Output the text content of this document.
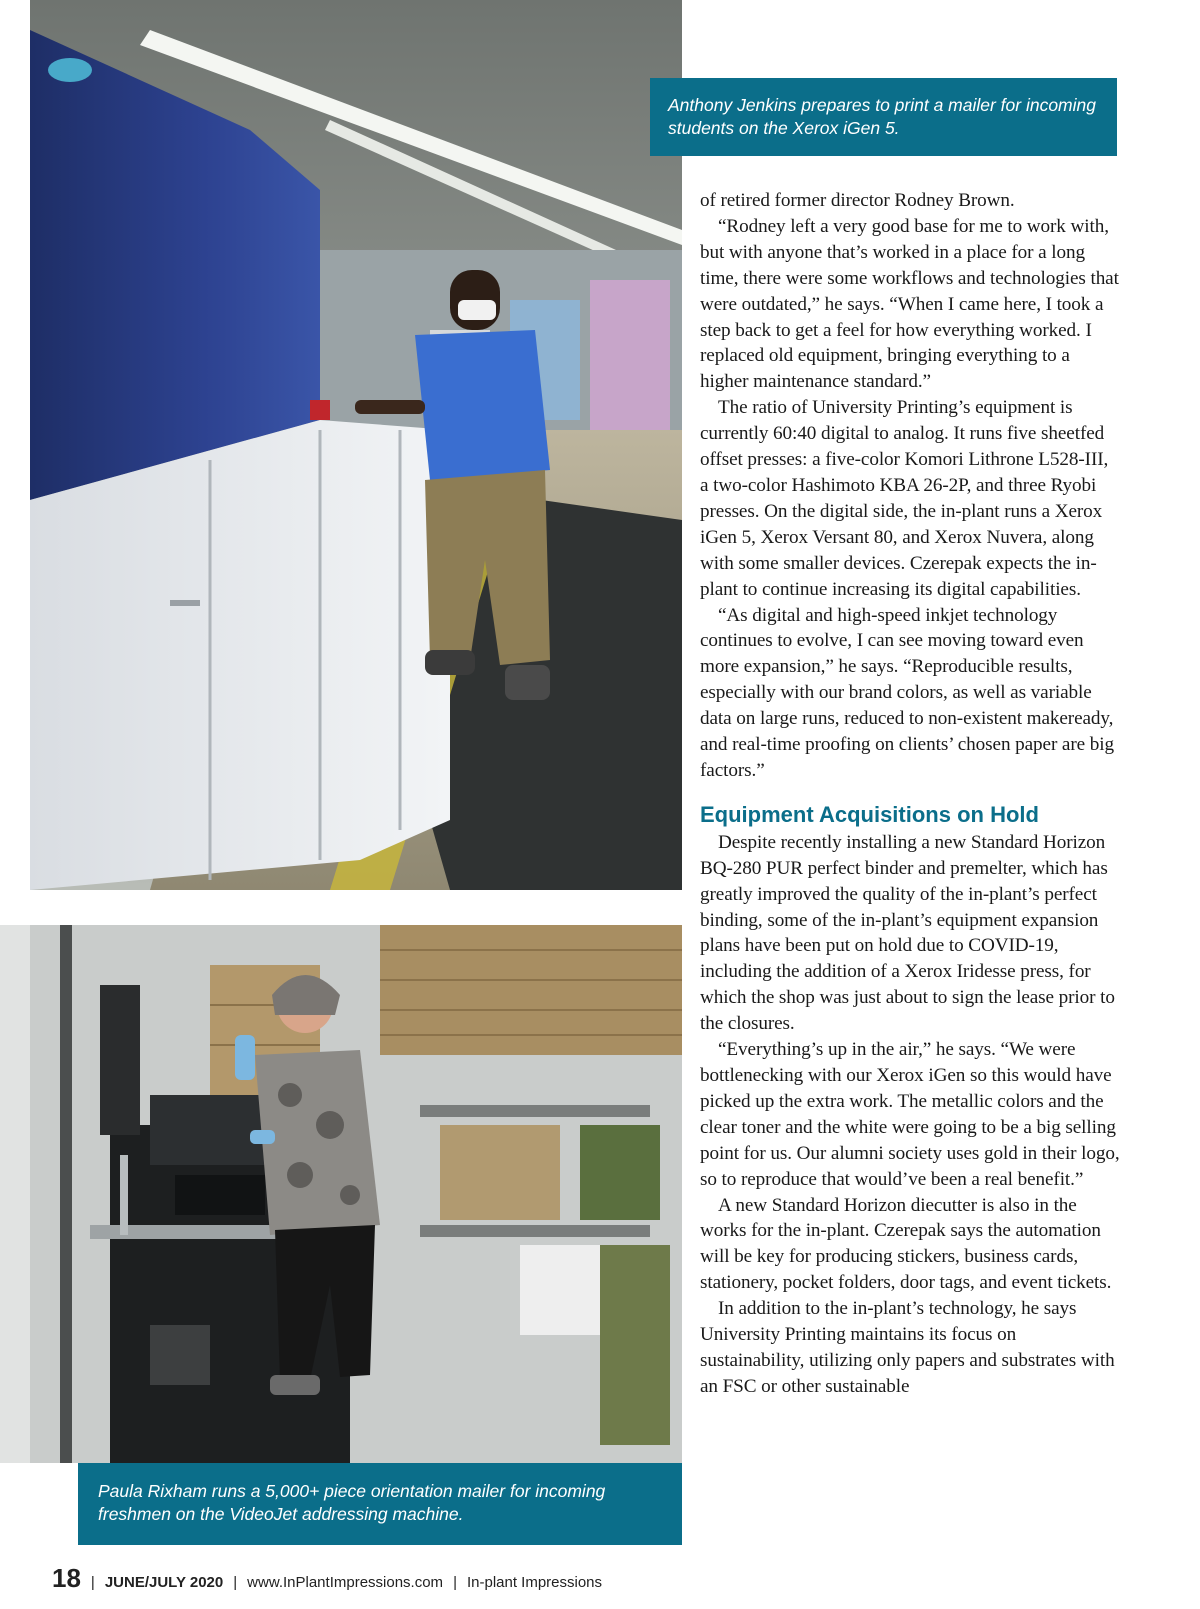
Anthony Jenkins prepares to print a mailer for incoming students on the Xerox iGen 5.
Paula Rixham runs a 5,000+ piece orientation mailer for incoming freshmen on the VideoJet addressing machine.

of retired former director Rodney Brown.

“Rodney left a very good base for me to work with, but with anyone that’s worked in a place for a long time, there were some workflows and technologies that were outdated,” he says. “When I came here, I took a step back to get a feel for how everything worked. I replaced old equipment, bringing everything to a higher maintenance standard.”

The ratio of University Printing’s equipment is currently 60:40 digital to analog. It runs five sheetfed offset presses: a five-color Komori Lithrone L528-III, a two-color Hashimoto KBA 26-2P, and three Ryobi presses. On the digital side, the in-plant runs a Xerox iGen 5, Xerox Versant 80, and Xerox Nuvera, along with some smaller devices. Czerepak expects the in-plant to continue increasing its digital capabilities.

“As digital and high-speed inkjet technology continues to evolve, I can see moving toward even more expansion,” he says. “Reproducible results, especially with our brand colors, as well as variable data on large runs, reduced to non-existent makeready, and real-time proofing on clients’ chosen paper are big factors.”

Equipment Acquisitions on Hold

Despite recently installing a new Standard Horizon BQ-280 PUR perfect binder and premelter, which has greatly improved the quality of the in-plant’s perfect binding, some of the in-plant’s equipment expansion plans have been put on hold due to COVID-19, including the addition of a Xerox Iridesse press, for which the shop was just about to sign the lease prior to the closures.

“Everything’s up in the air,” he says. “We were bottlenecking with our Xerox iGen so this would have picked up the extra work. The metallic colors and the clear toner and the white were going to be a big selling point for us. Our alumni society uses gold in their logo, so to reproduce that would’ve been a real benefit.”

A new Standard Horizon diecutter is also in the works for the in-plant. Czerepak says the automation will be key for producing stickers, business cards, stationery, pocket folders, door tags, and event tickets.

In addition to the in-plant’s technology, he says University Printing maintains its focus on sustainability, utilizing only papers and substrates with an FSC or other sustainable

18 | JUNE/JULY 2020 | www.InPlantImpressions.com | In-plant Impressions
